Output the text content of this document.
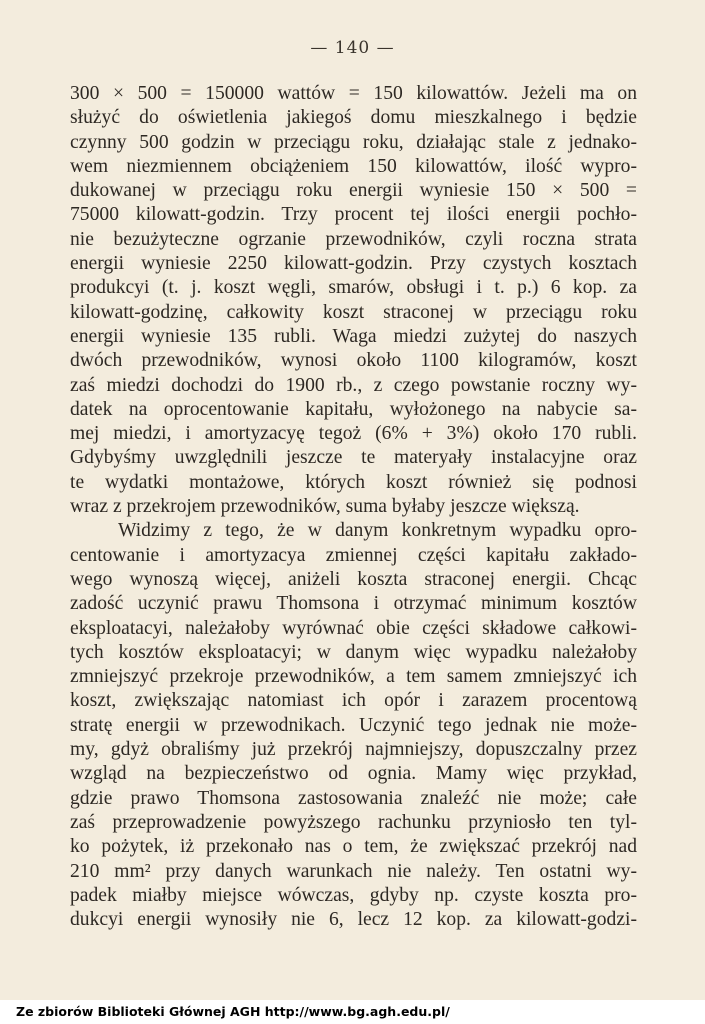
— 140 —
300 × 500 = 150000 wattów = 150 kilowattów. Jeżeli ma on
służyć do oświetlenia jakiegoś domu mieszkalnego i będzie
czynny 500 godzin w przeciągu roku, działając stale z jednako-
wem niezmiennem obciążeniem 150 kilowattów, ilość wypro-
dukowanej w przeciągu roku energii wyniesie 150 × 500 =
75000 kilowatt-godzin. Trzy procent tej ilości energii pochło-
nie bezużyteczne ogrzanie przewodników, czyli roczna strata
energii wyniesie 2250 kilowatt-godzin. Przy czystych kosztach
produkcyi (t. j. koszt węgli, smarów, obsługi i t. p.) 6 kop. za
kilowatt-godzinę, całkowity koszt straconej w przeciągu roku
energii wyniesie 135 rubli. Waga miedzi zużytej do naszych
dwóch przewodników, wynosi około 1100 kilogramów, koszt
zaś miedzi dochodzi do 1900 rb., z czego powstanie roczny wy-
datek na oprocentowanie kapitału, wyłożonego na nabycie sa-
mej miedzi, i amortyzacyę tegoż (6% + 3%) około 170 rubli.
Gdybyśmy uwzględnili jeszcze te materyały instalacyjne oraz
te wydatki montażowe, których koszt również się podnosi
wraz z przekrojem przewodników, suma byłaby jeszcze większą.
Widzimy z tego, że w danym konkretnym wypadku opro-
centowanie i amortyzacya zmiennej części kapitału zakłado-
wego wynoszą więcej, aniżeli koszta straconej energii. Chcąc
zadość uczynić prawu Thomsona i otrzymać minimum kosztów
eksploatacyi, należałoby wyrównać obie części składowe całkowi-
tych kosztów eksploatacyi; w danym więc wypadku należałoby
zmniejszyć przekroje przewodników, a tem samem zmniejszyć ich
koszt, zwiększając natomiast ich opór i zarazem procentową
stratę energii w przewodnikach. Uczynić tego jednak nie może-
my, gdyż obraliśmy już przekrój najmniejszy, dopuszczalny przez
wzgląd na bezpieczeństwo od ognia. Mamy więc przykład,
gdzie prawo Thomsona zastosowania znaleźć nie może; całe
zaś przeprowadzenie powyższego rachunku przyniosło ten tyl-
ko pożytek, iż przekonało nas o tem, że zwiększać przekrój nad
210 mm² przy danych warunkach nie należy. Ten ostatni wy-
padek miałby miejsce wówczas, gdyby np. czyste koszta pro-
dukcyi energii wynosiły nie 6, lecz 12 kop. za kilowatt-godzi-
Ze zbiorów Biblioteki Głównej AGH http://www.bg.agh.edu.pl/
